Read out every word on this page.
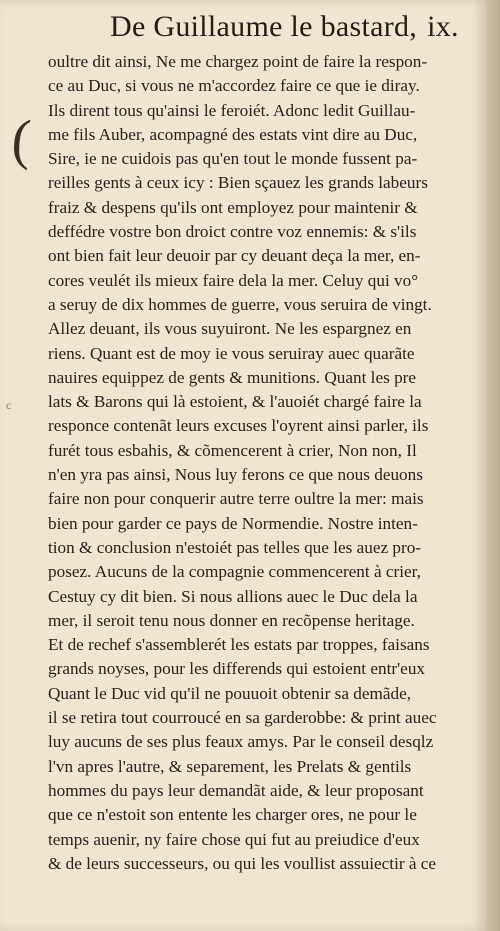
De Guillaume le bastard, ix.
(
c
oultre dit ainsi, Ne me chargez point de faire la respon-
ce au Duc, si vous ne m'accordez faire ce que ie diray.
Ils dirent tous qu'ainsi le feroiét. Adonc ledit Guillau-
me fils Auber, acompagné des estats vint dire au Duc,
Sire, ie ne cuidois pas qu'en tout le monde fussent pa-
reilles gents à ceux icy : Bien sçauez les grands labeurs
fraiz & despens qu'ils ont employez pour maintenir &
deffédre vostre bon droict contre voz ennemis: & s'ils
ont bien fait leur deuoir par cy deuant deça la mer, en-
cores veulét ils mieux faire dela la mer. Celuy qui vo°
a seruy de dix hommes de guerre, vous seruira de vingt.
Allez deuant, ils vous suyuiront. Ne les espargnez en
riens. Quant est de moy ie vous seruiray auec quarãte
nauires equippez de gents & munitions. Quant les pre
lats & Barons qui là estoient, & l'auoiét chargé faire la
responce contenãt leurs excuses l'oyrent ainsi parler, ils
furét tous esbahis, & cõmencerent à crier, Non non, Il
n'en yra pas ainsi, Nous luy ferons ce que nous deuons
faire non pour conquerir autre terre oultre la mer: mais
bien pour garder ce pays de Normendie. Nostre inten-
tion & conclusion n'estoiét pas telles que les auez pro-
posez. Aucuns de la compagnie commencerent à crier,
Cestuy cy dit bien. Si nous allions auec le Duc dela la
mer, il seroit tenu nous donner en recõpense heritage.
Et de rechef s'assemblerét les estats par troppes, faisans
grands noyses, pour les differends qui estoient entr'eux
Quant le Duc vid qu'il ne pouuoit obtenir sa demãde,
il se retira tout courroucé en sa garderobbe: & print auec
luy aucuns de ses plus feaux amys. Par le conseil desqlz
l'vn apres l'autre, & separement, les Prelats & gentils
hommes du pays leur demandãt aide, & leur proposant
que ce n'estoit son entente les charger ores, ne pour le
temps auenir, ny faire chose qui fut au preiudice d'eux
& de leurs successeurs, ou qui les voullist assuiectir à ce
